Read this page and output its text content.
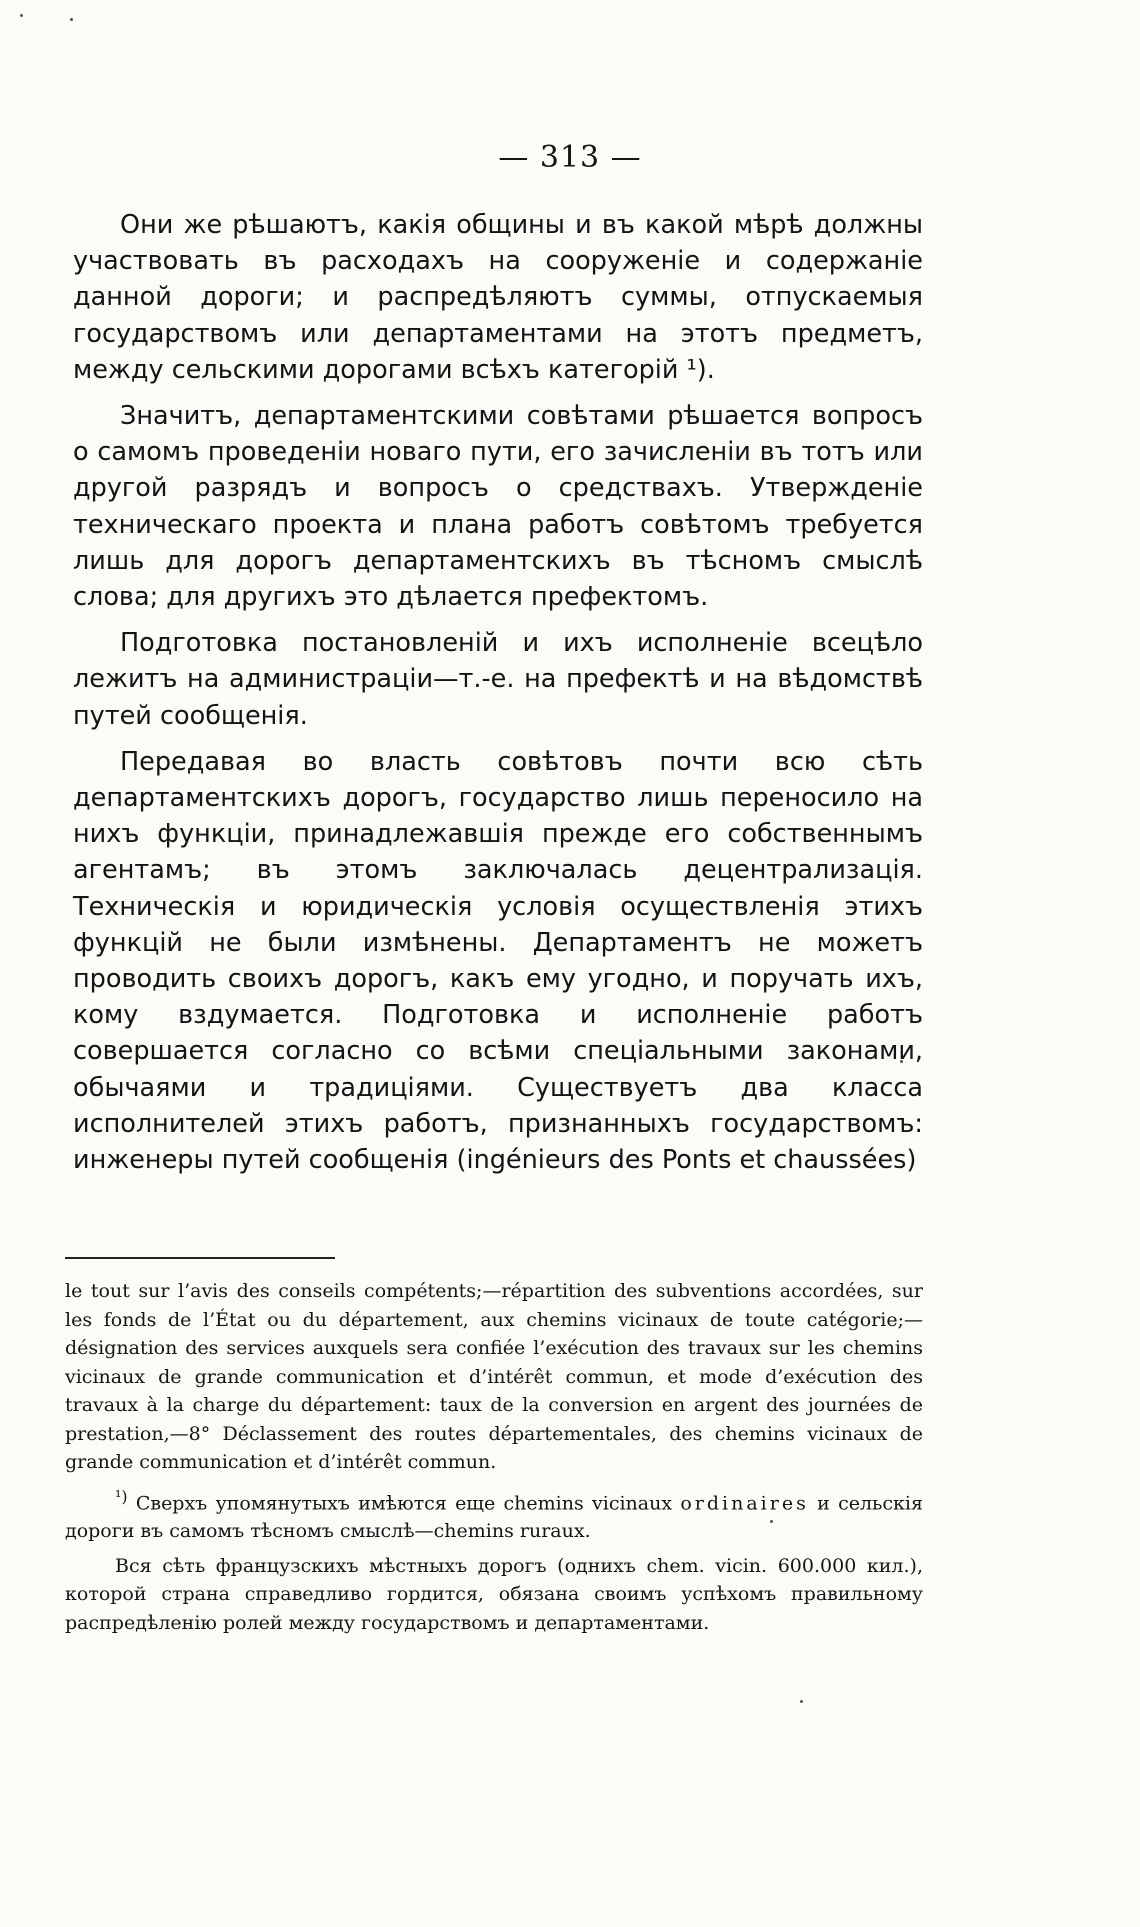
— 313 —

Они же рѣшаютъ, какія общины и въ какой мѣрѣ должны участвовать въ расходахъ на сооруженіе и содержаніе данной дороги; и распредѣляютъ суммы, отпускаемыя государствомъ или департаментами на этотъ предметъ, между сельскими дорогами всѣхъ категорій ¹).

Значитъ, департаментскими совѣтами рѣшается вопросъ о самомъ проведеніи новаго пути, его зачисленіи въ тотъ или другой разрядъ и вопросъ о средствахъ. Утвержденіе техническаго проекта и плана работъ совѣтомъ требуется лишь для дорогъ департаментскихъ въ тѣсномъ смыслѣ слова; для другихъ это дѣлается префектомъ.

Подготовка постановленій и ихъ исполненіе всецѣло лежитъ на администраціи—т.-е. на префектѣ и на вѣдомствѣ путей сообщенія.

Передавая во власть совѣтовъ почти всю сѣть департаментскихъ дорогъ, государство лишь переносило на нихъ функціи, принадлежавшія прежде его собственнымъ агентамъ; въ этомъ заключалась децентрализація. Техническія и юридическія условія осуществленія этихъ функцій не были измѣнены. Департаментъ не можетъ проводить своихъ дорогъ, какъ ему угодно, и поручать ихъ, кому вздумается. Подготовка и исполненіе работъ совершается согласно со всѣми спеціальными законами, обычаями и традиціями. Существуетъ два класса исполнителей этихъ работъ, признанныхъ государствомъ: инженеры путей сообщенія (ingénieurs des Ponts et chaussées)

le tout sur l’avis des conseils compétents;—répartition des subventions accordées, sur les fonds de l’État ou du département, aux chemins vicinaux de toute catégorie;—désignation des services auxquels sera confiée l’exécution des travaux sur les chemins vicinaux de grande communication et d’intérêt commun, et mode d’exécution des travaux à la charge du département: taux de la conversion en argent des journées de prestation,—8° Déclassement des routes départementales, des chemins vicinaux de grande communication et d’intérêt commun.

$^{^1)}$ Сверхъ упомянутыхъ имѣются еще chemins vicinaux ordinaires и сельскія дороги въ самомъ тѣсномъ смыслѣ—chemins ruraux.

Вся сѣть французскихъ мѣстныхъ дорогъ (однихъ chem. vicin. 600.000 кил.), которой страна справедливо гордится, обязана своимъ успѣхомъ правильному распредѣленію ролей между государствомъ и департаментами.
